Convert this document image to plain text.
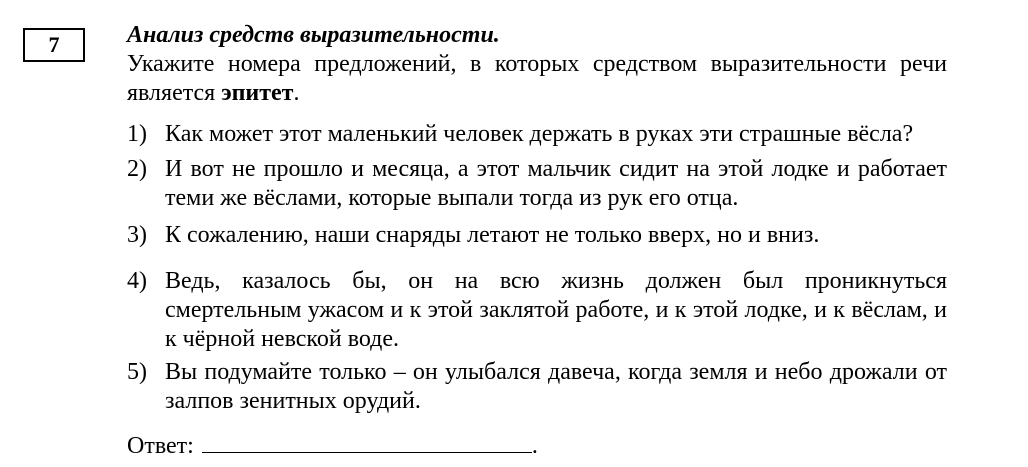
7	Анализ средств выразительности.

Укажите номера предложений, в которых средством выразительности речи является эпитет.

1) Как может этот маленький человек держать в руках эти страшные вёсла?
2) И вот не прошло и месяца, а этот мальчик сидит на этой лодке и работает теми же вёслами, которые выпали тогда из рук его отца.
3) К сожалению, наши снаряды летают не только вверх, но и вниз.
4) Ведь, казалось бы, он на всю жизнь должен был проникнуться смертельным ужасом и к этой заклятой работе, и к этой лодке, и к вёслам, и к чёрной невской воде.
5) Вы подумайте только – он улыбался давеча, когда земля и небо дрожали от залпов зенитных орудий.
Ответ:	.
